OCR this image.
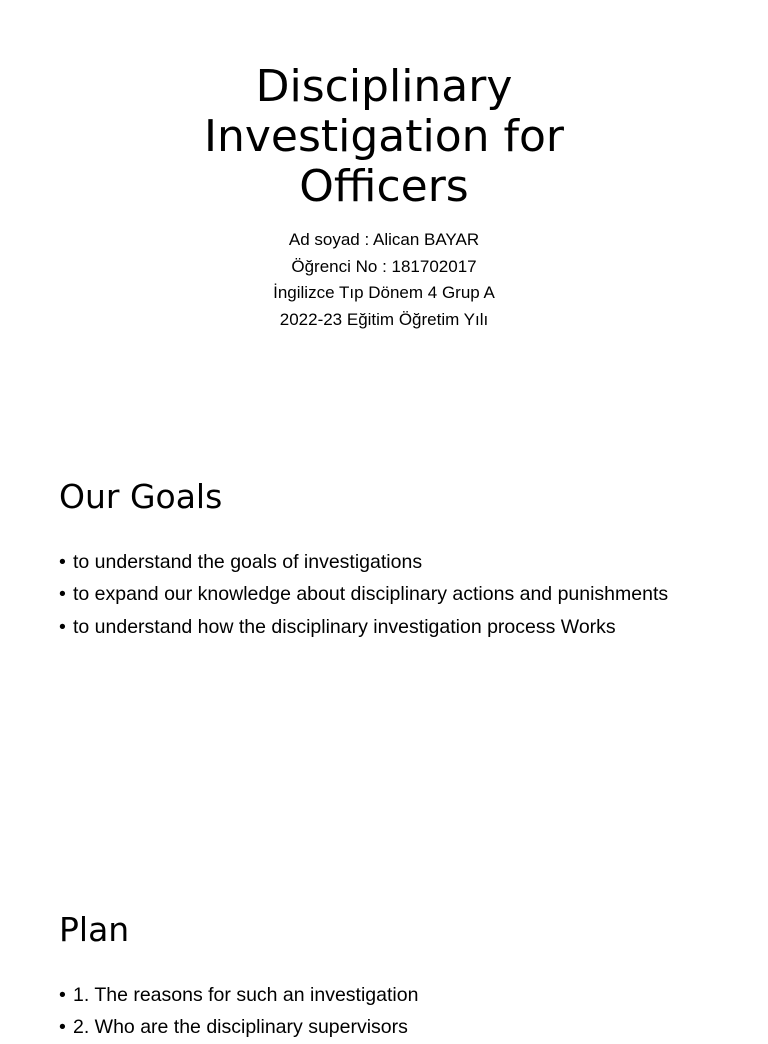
Disciplinary
Investigation for
Officers
Ad soyad : Alican BAYAR
Öğrenci No : 181702017
İngilizce Tıp Dönem 4 Grup A
2022-23 Eğitim Öğretim Yılı
Our Goals
• to understand the goals of investigations
• to expand our knowledge about disciplinary actions and punishments
• to understand how the disciplinary investigation process Works
Plan
• 1. The reasons for such an investigation
• 2. Who are the disciplinary supervisors
